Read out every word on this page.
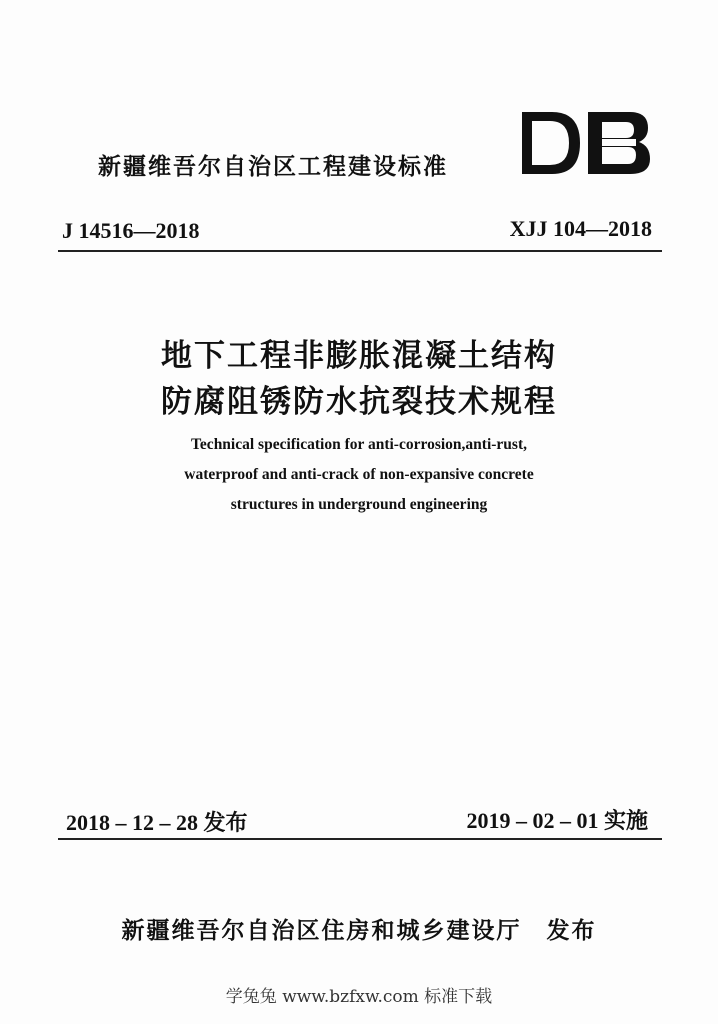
新疆维吾尔自治区工程建设标准
J 14516—2018	XJJ 104—2018
地下工程非膨胀混凝土结构
防腐阻锈防水抗裂技术规程
Technical specification for anti-corrosion,anti-rust,
waterproof and anti-crack of non-expansive concrete
structures in underground engineering
2018 – 12 – 28 发布	2019 – 02 – 01 实施
新疆维吾尔自治区住房和城乡建设厅　发布
学兔兔 www.bzfxw.com 标准下载
